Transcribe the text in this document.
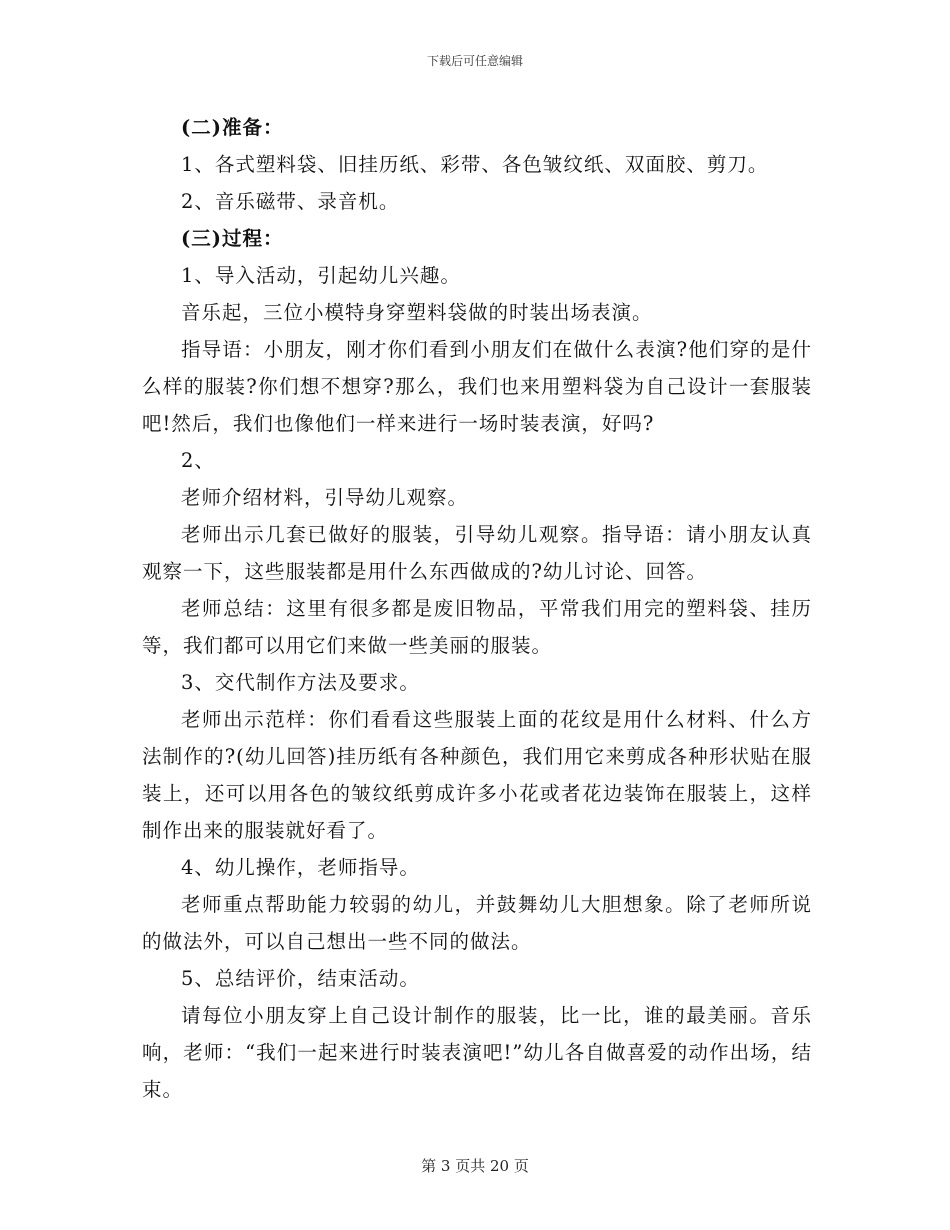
下载后可任意编辑

(二)准备：

1、各式塑料袋、旧挂历纸、彩带、各色皱纹纸、双面胶、剪刀。

2、音乐磁带、录音机。

(三)过程：

1、导入活动，引起幼儿兴趣。

音乐起，三位小模特身穿塑料袋做的时装出场表演。

指导语：小朋友，刚才你们看到小朋友们在做什么表演?他们穿的是什么样的服装?你们想不想穿?那么，我们也来用塑料袋为自己设计一套服装吧!然后，我们也像他们一样来进行一场时装表演，好吗?

2、

老师介绍材料，引导幼儿观察。

老师出示几套已做好的服装，引导幼儿观察。指导语：请小朋友认真观察一下，这些服装都是用什么东西做成的?幼儿讨论、回答。

老师总结：这里有很多都是废旧物品，平常我们用完的塑料袋、挂历等，我们都可以用它们来做一些美丽的服装。

3、交代制作方法及要求。

老师出示范样：你们看看这些服装上面的花纹是用什么材料、什么方法制作的?(幼儿回答)挂历纸有各种颜色，我们用它来剪成各种形状贴在服装上，还可以用各色的皱纹纸剪成许多小花或者花边装饰在服装上，这样制作出来的服装就好看了。

4、幼儿操作，老师指导。

老师重点帮助能力较弱的幼儿，并鼓舞幼儿大胆想象。除了老师所说的做法外，可以自己想出一些不同的做法。

5、总结评价，结束活动。

请每位小朋友穿上自己设计制作的服装，比一比，谁的最美丽。音乐响，老师：“我们一起来进行时装表演吧!”幼儿各自做喜爱的动作出场，结束。

第 3 页共 20 页
